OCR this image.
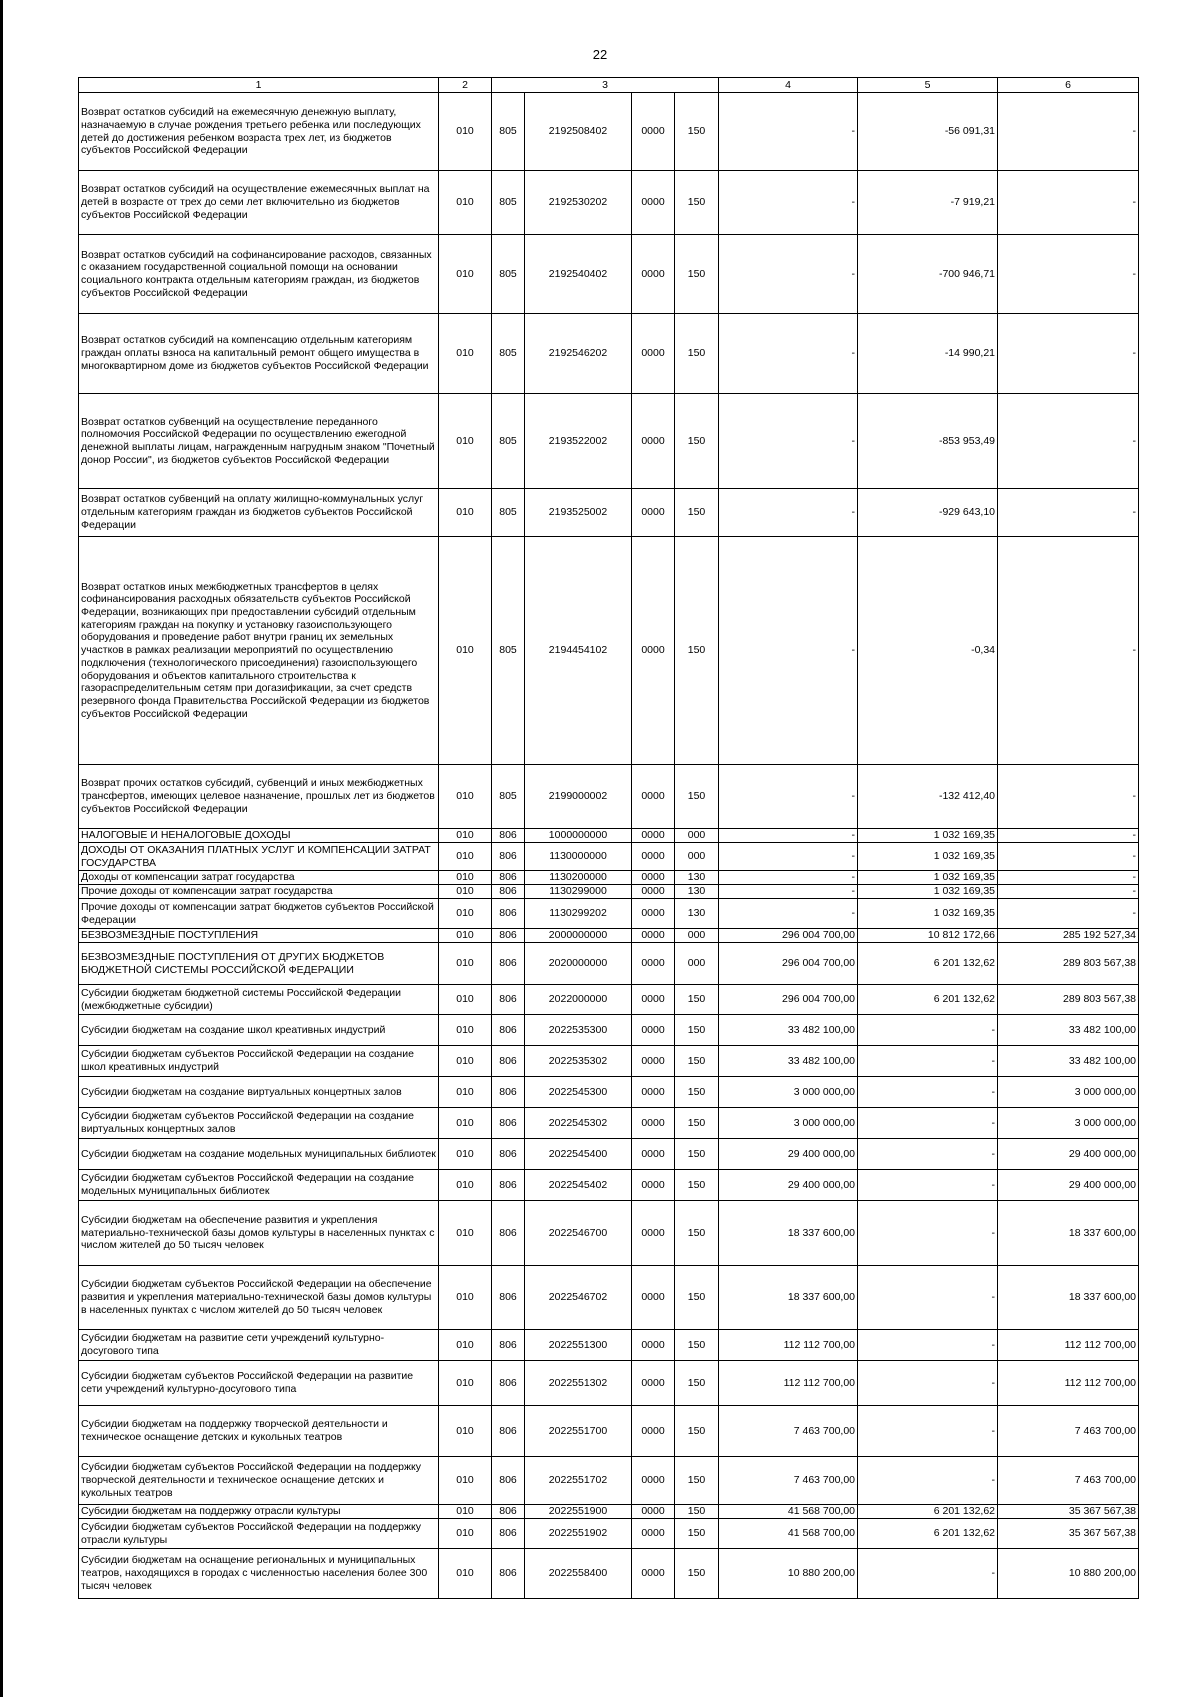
22
1	2	3				4	5	6
Возврат остатков субсидий на ежемесячную денежную выплату, назначаемую в случае рождения третьего ребенка или последующих детей до достижения ребенком возраста трех лет, из бюджетов субъектов Российской Федерации	010	805	2192508402	0000	150	-	-56 091,31	-
Возврат остатков субсидий на осуществление ежемесячных выплат на детей в возрасте от трех до семи лет включительно из бюджетов субъектов Российской Федерации	010	805	2192530202	0000	150	-	-7 919,21	-
Возврат остатков субсидий на софинансирование расходов, связанных с оказанием государственной социальной помощи на основании социального контракта отдельным категориям граждан, из бюджетов субъектов Российской Федерации	010	805	2192540402	0000	150	-	-700 946,71	-
Возврат остатков субсидий на компенсацию отдельным категориям граждан оплаты взноса на капитальный ремонт общего имущества в многоквартирном доме из бюджетов субъектов Российской Федерации	010	805	2192546202	0000	150	-	-14 990,21	-
Возврат остатков субвенций на осуществление переданного полномочия Российской Федерации по осуществлению ежегодной денежной выплаты лицам, награжденным нагрудным знаком "Почетный донор России", из бюджетов субъектов Российской Федерации	010	805	2193522002	0000	150	-	-853 953,49	-
Возврат остатков субвенций на оплату жилищно-коммунальных услуг отдельным категориям граждан из бюджетов субъектов Российской Федерации	010	805	2193525002	0000	150	-	-929 643,10	-
Возврат остатков иных межбюджетных трансфертов в целях софинансирования расходных обязательств субъектов Российской Федерации, возникающих при предоставлении субсидий отдельным категориям граждан на покупку и установку газоиспользующего оборудования и проведение работ внутри границ их земельных участков в рамках реализации мероприятий по осуществлению подключения (технологического присоединения) газоиспользующего оборудования и объектов капитального строительства к газораспределительным сетям при догазификации, за счет средств резервного фонда Правительства Российской Федерации из бюджетов субъектов Российской Федерации	010	805	2194454102	0000	150	-	-0,34	-
Возврат прочих остатков субсидий, субвенций и иных межбюджетных трансфертов, имеющих целевое назначение, прошлых лет из бюджетов субъектов Российской Федерации	010	805	2199000002	0000	150	-	-132 412,40	-
НАЛОГОВЫЕ И НЕНАЛОГОВЫЕ ДОХОДЫ	010	806	1000000000	0000	000	-	1 032 169,35	-
ДОХОДЫ ОТ ОКАЗАНИЯ ПЛАТНЫХ УСЛУГ И КОМПЕНСАЦИИ ЗАТРАТ ГОСУДАРСТВА	010	806	1130000000	0000	000	-	1 032 169,35	-
Доходы от компенсации затрат государства	010	806	1130200000	0000	130	-	1 032 169,35	-
Прочие доходы от компенсации затрат государства	010	806	1130299000	0000	130	-	1 032 169,35	-
Прочие доходы от компенсации затрат бюджетов субъектов Российской Федерации	010	806	1130299202	0000	130	-	1 032 169,35	-
БЕЗВОЗМЕЗДНЫЕ ПОСТУПЛЕНИЯ	010	806	2000000000	0000	000	296 004 700,00	10 812 172,66	285 192 527,34
БЕЗВОЗМЕЗДНЫЕ ПОСТУПЛЕНИЯ ОТ ДРУГИХ БЮДЖЕТОВ БЮДЖЕТНОЙ СИСТЕМЫ РОССИЙСКОЙ ФЕДЕРАЦИИ	010	806	2020000000	0000	000	296 004 700,00	6 201 132,62	289 803 567,38
Субсидии бюджетам бюджетной системы Российской Федерации (межбюджетные субсидии)	010	806	2022000000	0000	150	296 004 700,00	6 201 132,62	289 803 567,38
Субсидии бюджетам на создание школ креативных индустрий	010	806	2022535300	0000	150	33 482 100,00	-	33 482 100,00
Субсидии бюджетам субъектов Российской Федерации на создание школ креативных индустрий	010	806	2022535302	0000	150	33 482 100,00	-	33 482 100,00
Субсидии бюджетам на создание виртуальных концертных залов	010	806	2022545300	0000	150	3 000 000,00	-	3 000 000,00
Субсидии бюджетам субъектов Российской Федерации на создание виртуальных концертных залов	010	806	2022545302	0000	150	3 000 000,00	-	3 000 000,00
Субсидии бюджетам на создание модельных муниципальных библиотек	010	806	2022545400	0000	150	29 400 000,00	-	29 400 000,00
Субсидии бюджетам субъектов Российской Федерации на создание модельных муниципальных библиотек	010	806	2022545402	0000	150	29 400 000,00	-	29 400 000,00
Субсидии бюджетам на обеспечение развития и укрепления материально-технической базы домов культуры в населенных пунктах с числом жителей до 50 тысяч человек	010	806	2022546700	0000	150	18 337 600,00	-	18 337 600,00
Субсидии бюджетам субъектов Российской Федерации на обеспечение развития и укрепления материально-технической базы домов культуры в населенных пунктах с числом жителей до 50 тысяч человек	010	806	2022546702	0000	150	18 337 600,00	-	18 337 600,00
Субсидии бюджетам на развитие сети учреждений культурно-досугового типа	010	806	2022551300	0000	150	112 112 700,00	-	112 112 700,00
Субсидии бюджетам субъектов Российской Федерации на развитие сети учреждений культурно-досугового типа	010	806	2022551302	0000	150	112 112 700,00	-	112 112 700,00
Субсидии бюджетам на поддержку творческой деятельности и техническое оснащение детских и кукольных театров	010	806	2022551700	0000	150	7 463 700,00	-	7 463 700,00
Субсидии бюджетам субъектов Российской Федерации на поддержку творческой деятельности и техническое оснащение детских и кукольных театров	010	806	2022551702	0000	150	7 463 700,00	-	7 463 700,00
Субсидии бюджетам на поддержку отрасли культуры	010	806	2022551900	0000	150	41 568 700,00	6 201 132,62	35 367 567,38
Субсидии бюджетам субъектов Российской Федерации на поддержку отрасли культуры	010	806	2022551902	0000	150	41 568 700,00	6 201 132,62	35 367 567,38
Субсидии бюджетам на оснащение региональных и муниципальных театров, находящихся в городах с численностью населения более 300 тысяч человек	010	806	2022558400	0000	150	10 880 200,00	-	10 880 200,00
